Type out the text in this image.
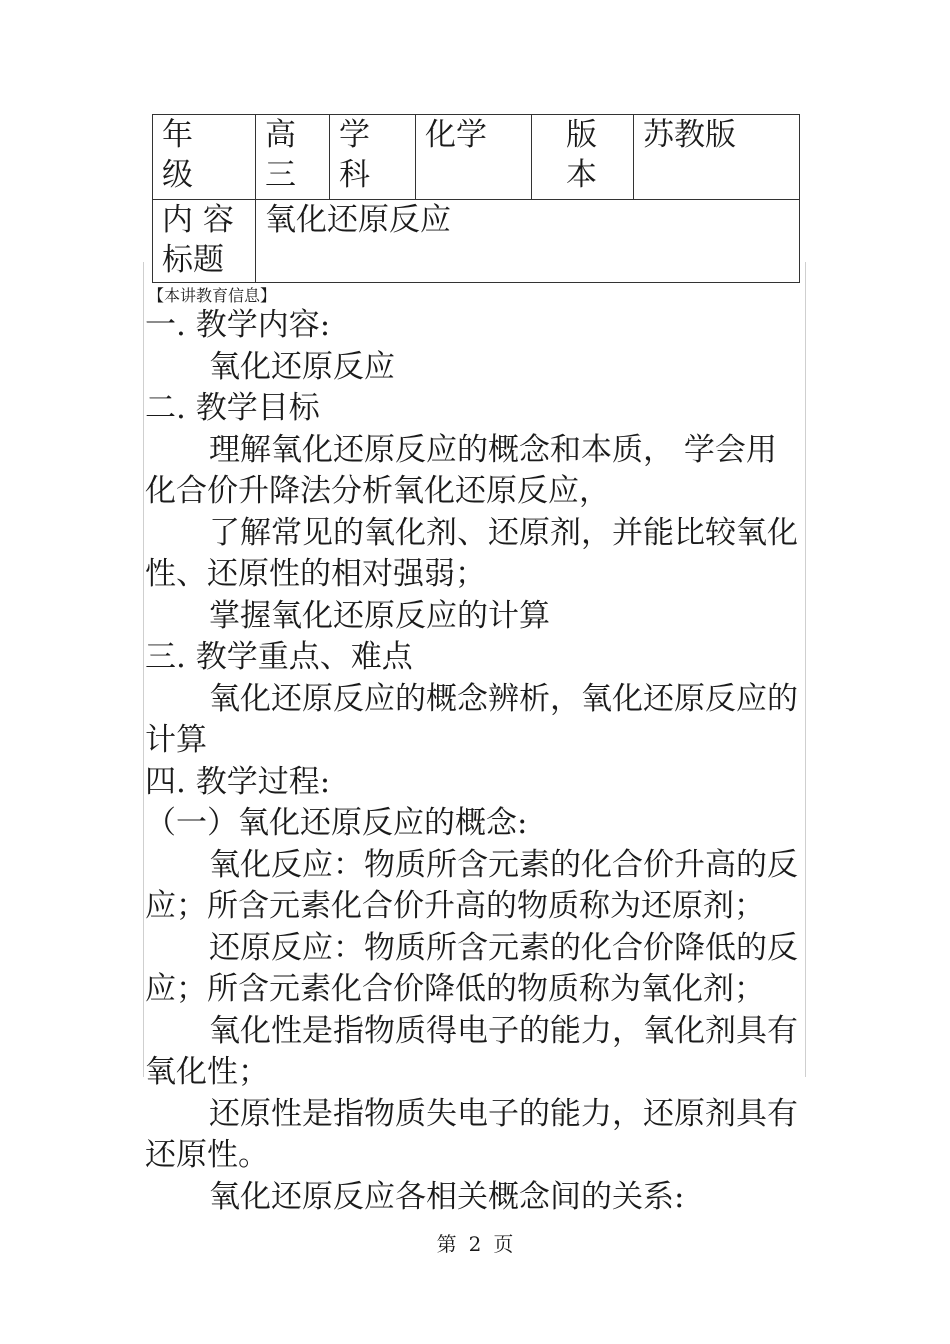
年级
高三
学科
化学	版本
苏教版
内 容标题
氧化还原反应
【本讲教育信息】

一. 教学内容:

氧化还原反应

二. 教学目标

理解氧化还原反应的概念和本质， 学会用

化合价升降法分析氧化还原反应，

了解常见的氧化剂、还原剂，并能比较氧化

性、还原性的相对强弱；

掌握氧化还原反应的计算

三. 教学重点、难点

氧化还原反应的概念辨析，氧化还原反应的

计算

四. 教学过程:

（一）氧化还原反应的概念:

氧化反应：物质所含元素的化合价升高的反

应；所含元素化合价升高的物质称为还原剂；

还原反应：物质所含元素的化合价降低的反

应；所含元素化合价降低的物质称为氧化剂；

氧化性是指物质得电子的能力，氧化剂具有

氧化性；

还原性是指物质失电子的能力，还原剂具有

还原性。

氧化还原反应各相关概念间的关系:

第 2 页
